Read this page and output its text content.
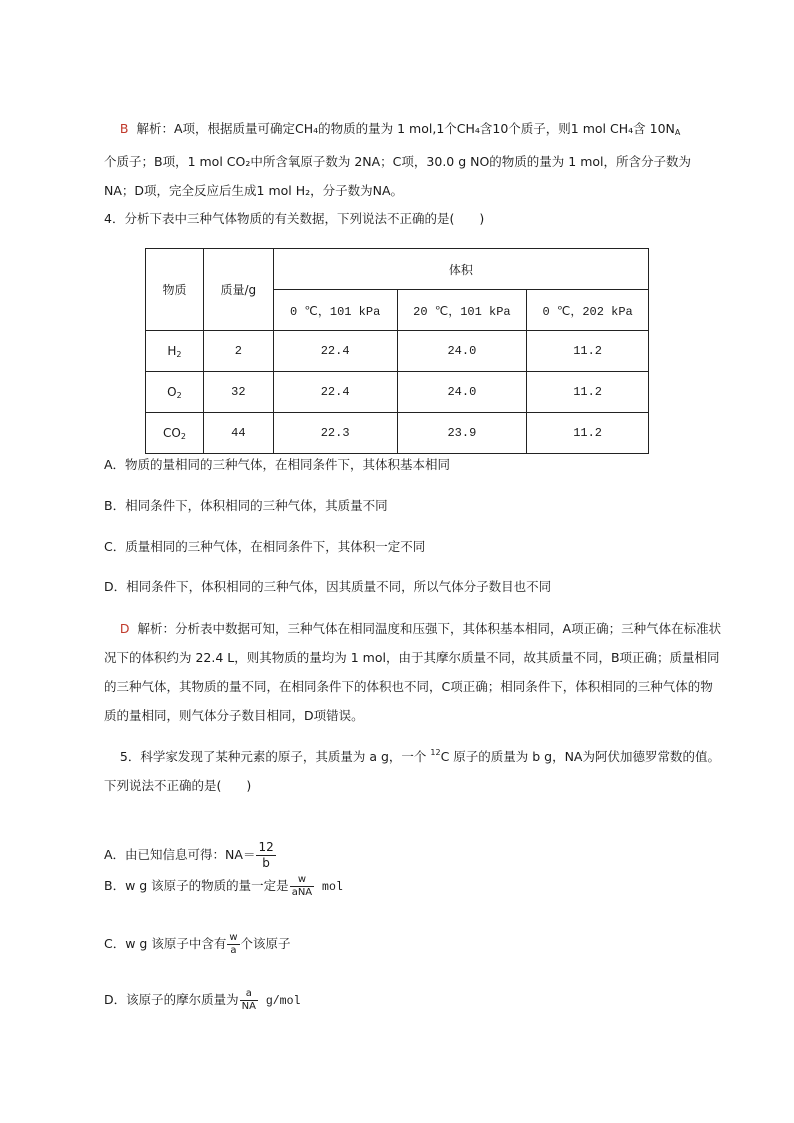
B 解析：A项，根据质量可确定CH₄的物质的量为 1 mol,1个CH₄含10个质子，则1 mol CH₄含 $10N_A$
个质子；B项，1 mol CO₂中所含氧原子数为 2NA；C项，30.0 g NO的物质的量为 1 mol，所含分子数为
NA；D项，完全反应后生成1 mol H₂，分子数为NA。
4．分析下表中三种气体物质的有关数据，下列说法不正确的是(　　)
物质	质量/g	体积		
		0 ℃，101 kPa	20 ℃，101 kPa	0 ℃，202 kPa
$H_2$	2	22.4	24.0	11.2
$O_2$	32	22.4	24.0	11.2
$CO_2$	44	22.3	23.9	11.2
A．物质的量相同的三种气体，在相同条件下，其体积基本相同
B．相同条件下，体积相同的三种气体，其质量不同
C．质量相同的三种气体，在相同条件下，其体积一定不同
D．相同条件下，体积相同的三种气体，因其质量不同，所以气体分子数目也不同
D 解析：分析表中数据可知，三种气体在相同温度和压强下，其体积基本相同，A项正确；三种气体在标准状况下的体积约为 22.4 L，则其物质的量均为 1 mol，由于其摩尔质量不同，故其质量不同，B项正确；质量相同的三种气体，其物质的量不同，在相同条件下的体积也不同，C项正确；相同条件下，体积相同的三种气体的物质的量相同，则气体分子数目相同，D项错误。
5．科学家发现了某种元素的原子，其质量为 a g，一个 $^{12}$C 原子的质量为 b g，NA为阿伏加德罗常数的值。下列说法不正确的是(　　)
A．由已知信息可得：$NA= \frac{12}{b}$
B．w g 该原子的物质的量一定是 $\frac{w}{\text{aNA}}$ mol
C．w g 该原子中含有 $\frac{w}{a}$ 个该原子
D．该原子的摩尔质量为 $\frac{a}{NA} g/mol$
